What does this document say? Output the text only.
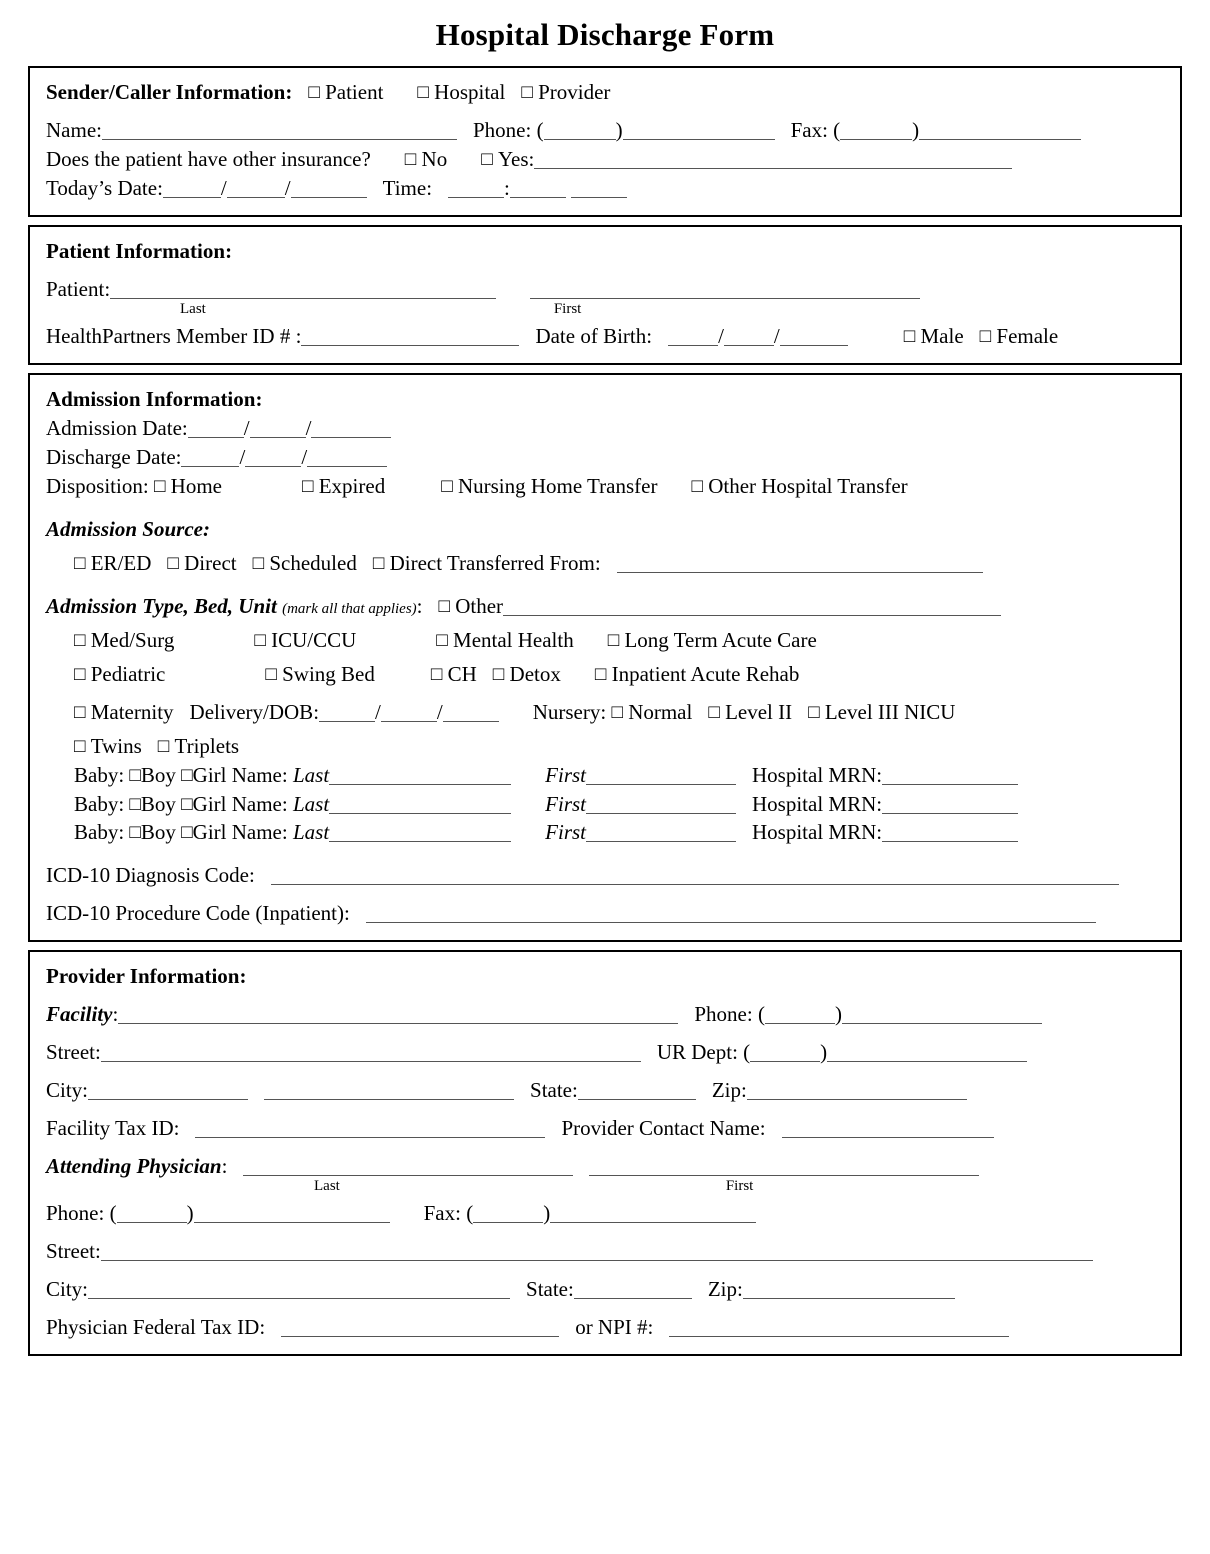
Hospital Discharge Form
Sender/Caller Information: □ Patient □ Hospital □ Provider
Name:	Phone: (	)	Fax: (	)
Does the patient have other insurance? □ No □ Yes:
Today’s Date:	/	/	Time:	:
Patient Information:
Patient:
Last	First
HealthPartners Member ID # :	Date of Birth:	/ /	□ Male □ Female
Admission Information:
Admission Date:	/	/
Discharge Date:	/	/
Disposition: □ Home	□ Expired	□ Nursing Home Transfer □ Other Hospital Transfer
Admission Source:
□ ER/ED □ Direct □ Scheduled □ Direct Transferred From:
Admission Type, Bed, Unit (mark all that applies): □ Other
□ Med/Surg	□ ICU/CCU	□ Mental Health □ Long Term Acute Care
□ Pediatric	□ Swing Bed	□ CH □ Detox □ Inpatient Acute Rehab
□ Maternity Delivery/DOB:	/	/	Nursery: □ Normal □ Level II □ Level III NICU
□ Twins □ Triplets
Baby: □Boy □Girl Name: Last	First	Hospital MRN:
Baby: □Boy □Girl Name: Last	First	Hospital MRN:
Baby: □Boy □Girl Name: Last	First	Hospital MRN:
ICD-10 Diagnosis Code:
ICD-10 Procedure Code (Inpatient):
Provider Information:
Facility:	Phone: (	)
Street:	UR Dept: (	)
City:	State:	Zip:
Facility Tax ID:	Provider Contact Name:
Attending Physician:
Last	First
Phone: (	)	Fax: (	)
Street:
City:	State:	Zip:
Physician Federal Tax ID:	or NPI #:
